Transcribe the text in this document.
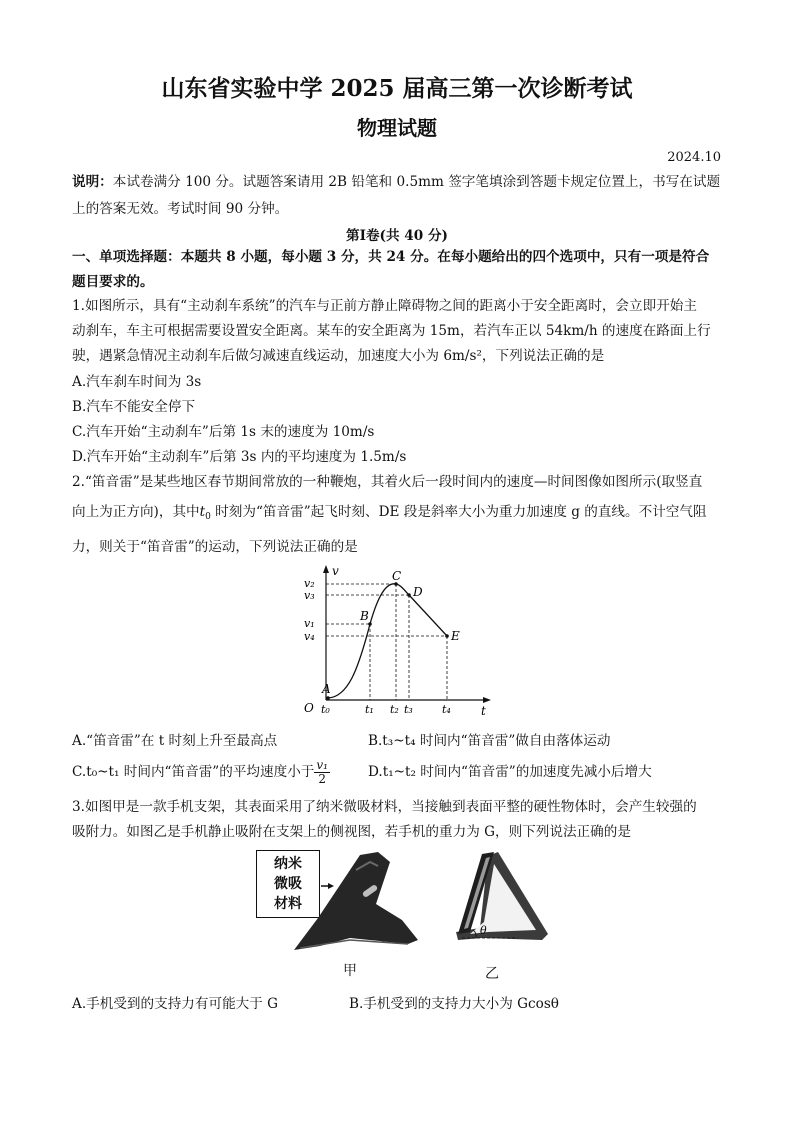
山东省实验中学 2025 届高三第一次诊断考试
物理试题
2024.10
说明：本试卷满分 100 分。试题答案请用 2B 铅笔和 0.5mm 签字笔填涂到答题卡规定位置上，书写在试题
上的答案无效。考试时间 90 分钟。
第Ⅰ卷(共 40 分)
一、单项选择题：本题共 8 小题，每小题 3 分，共 24 分。在每小题给出的四个选项中，只有一项是符合
题目要求的。
1.如图所示，具有“主动刹车系统”的汽车与正前方静止障碍物之间的距离小于安全距离时，会立即开始主
动刹车，车主可根据需要设置安全距离。某车的安全距离为 15m，若汽车正以 54km/h 的速度在路面上行
驶，遇紧急情况主动刹车后做匀减速直线运动，加速度大小为 6m/s²，下列说法正确的是
A.汽车刹车时间为 3s
B.汽车不能安全停下
C.汽车开始“主动刹车”后第 1s 末的速度为 10m/s
D.汽车开始“主动刹车”后第 3s 内的平均速度为 1.5m/s
2.“笛音雷”是某些地区春节期间常放的一种鞭炮，其着火后一段时间内的速度—时间图像如图所示(取竖直
向上为正方向)，其中$t_0$ 时刻为“笛音雷”起飞时刻、DE 段是斜率大小为重力加速度 g 的直线。不计空气阻
力，则关于“笛音雷”的运动，下列说法正确的是
A
B
C
D
E
O	t
v
t₀	t₁ t₂ t₃	t₄
v₂
v₃
v₁
v₄
A.“笛音雷”在 t 时刻上升至最高点	B.t₃~t₄ 时间内“笛音雷”做自由落体运动
C.t₀~t₁ 时间内“笛音雷”的平均速度小于 $\frac{\text{v₁}}{2}$	D.t₁~t₂ 时间内“笛音雷”的加速度先减小后增大
3.如图甲是一款手机支架，其表面采用了纳米微吸材料，当接触到表面平整的硬性物体时，会产生较强的
吸附力。如图乙是手机静止吸附在支架上的侧视图，若手机的重力为 G，则下列说法正确的是
纳米
微吸
材料
甲
θ
乙
A.手机受到的支持力有可能大于 G	B.手机受到的支持力大小为 Gcosθ
